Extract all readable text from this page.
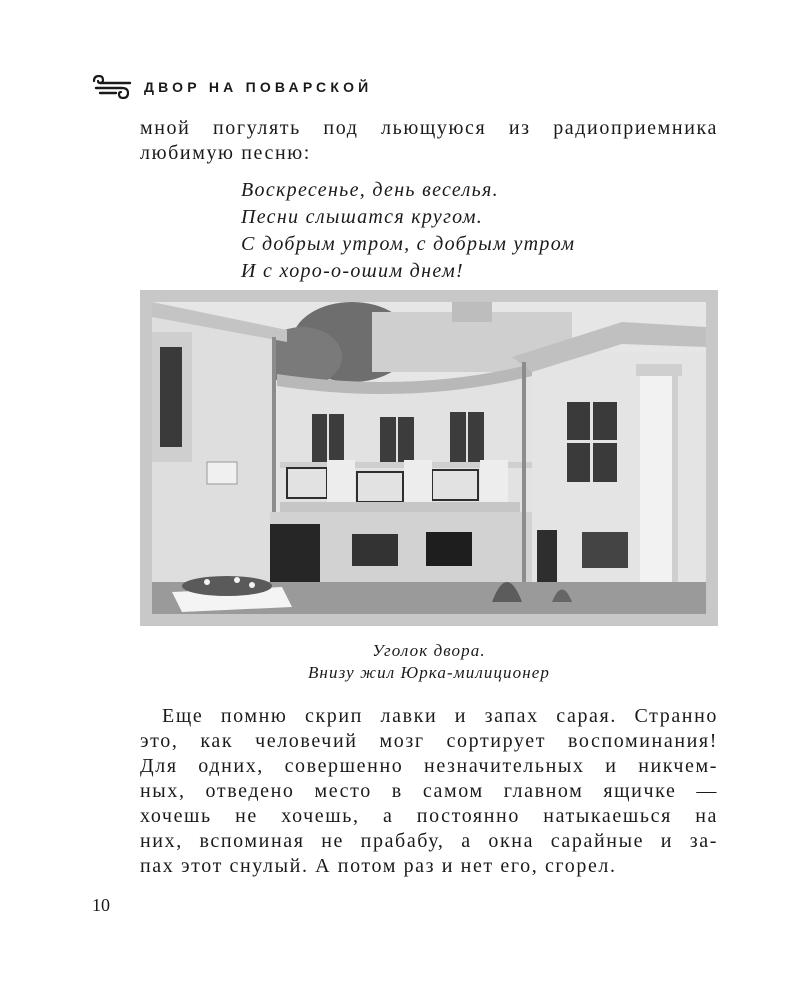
ДВОР НА ПОВАРСКОЙ
мной погулять под льющуюся из радиоприемника
любимую песню:
Воскресенье, день веселья.
Песни слышатся кругом.
С добрым утром, с добрым утром
И с хоро-о-ошим днем!
Уголок двора.
Внизу жил Юрка-милиционер
Еще помню скрип лавки и запах сарая. Странно
это, как человечий мозг сортирует воспоминания!
Для одних, совершенно незначительных и никчем-
ных, отведено место в самом главном ящичке —
хочешь не хочешь, а постоянно натыкаешься на
них, вспоминая не прабабу, а окна сарайные и за-
пах этот снулый. А потом раз и нет его, сгорел.
10
